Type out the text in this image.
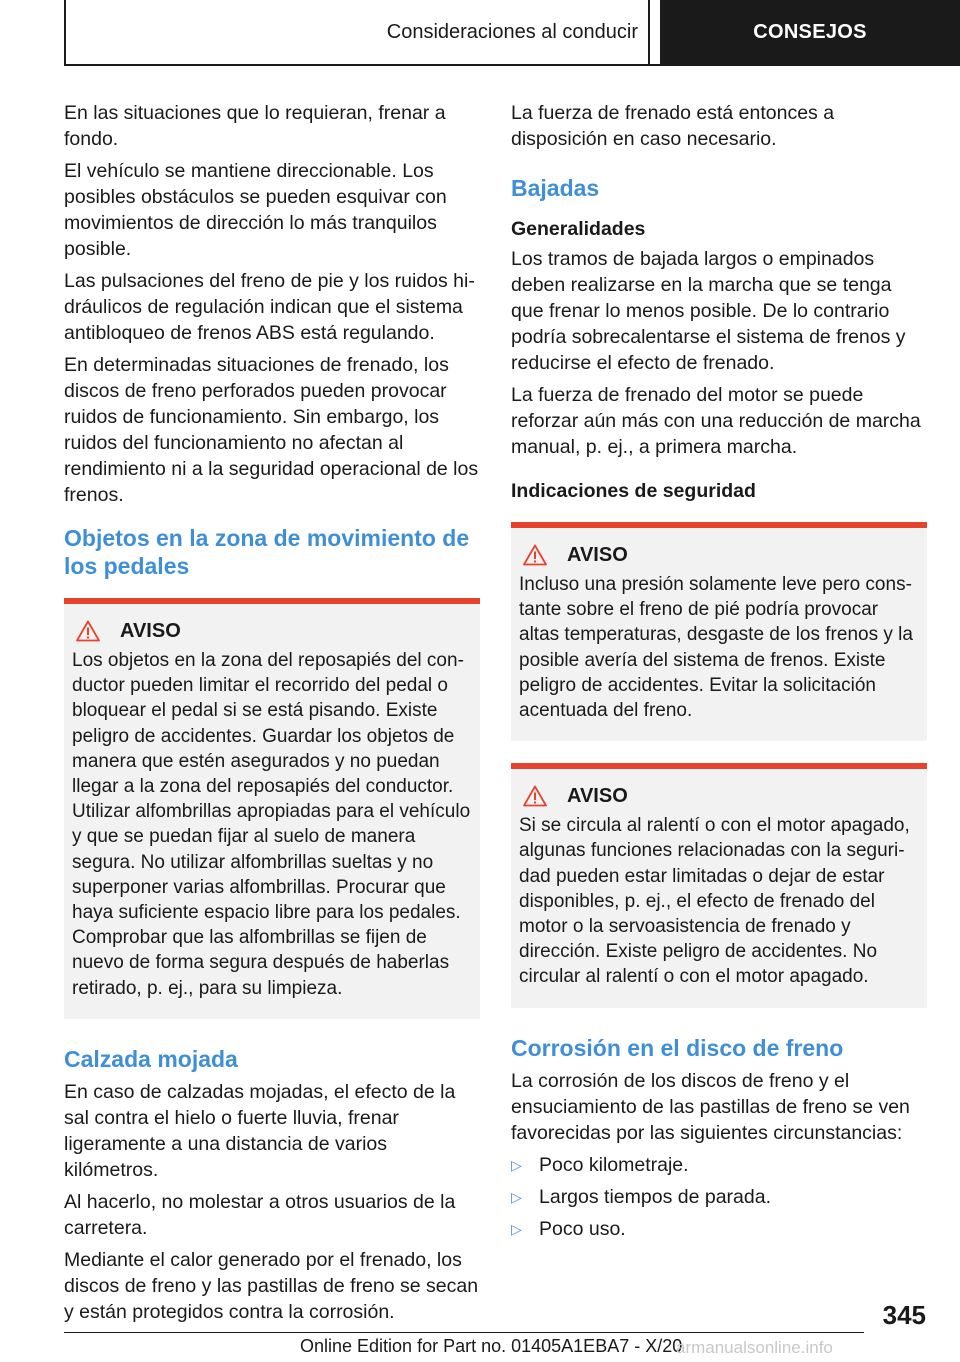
Consideraciones al conducir	CONSEJOS

En las situaciones que lo requieran, frenar a fondo.

El vehículo se mantiene direccionable. Los posibles obstáculos se pueden esquivar con movimientos de dirección lo más tranquilos posible.

Las pulsaciones del freno de pie y los ruidos hidráulicos de regulación indican que el sistema antibloqueo de frenos ABS está regulando.

En determinadas situaciones de frenado, los discos de freno perforados pueden provocar ruidos de funcionamiento. Sin embargo, los ruidos del funcionamiento no afectan al rendimiento ni a la seguridad operacional de los frenos.

Objetos en la zona de movimiento de los pedales
AVISO

Los objetos en la zona del reposapiés del conductor pueden limitar el recorrido del pedal o bloquear el pedal si se está pisando. Existe peligro de accidentes. Guardar los objetos de manera que estén asegurados y no puedan llegar a la zona del reposapiés del conductor. Utilizar alfombrillas apropiadas para el vehículo y que se puedan fijar al suelo de manera segura. No utilizar alfombrillas sueltas y no superponer varias alfombrillas. Procurar que haya suficiente espacio libre para los pedales. Comprobar que las alfombrillas se fijen de nuevo de forma segura después de haberlas retirado, p. ej., para su limpieza.

Calzada mojada

En caso de calzadas mojadas, el efecto de la sal contra el hielo o fuerte lluvia, frenar ligeramente a una distancia de varios kilómetros.

Al hacerlo, no molestar a otros usuarios de la carretera.

Mediante el calor generado por el frenado, los discos de freno y las pastillas de freno se secan y están protegidos contra la corrosión.

La fuerza de frenado está entonces a disposición en caso necesario.

Bajadas
Generalidades

Los tramos de bajada largos o empinados deben realizarse en la marcha que se tenga que frenar lo menos posible. De lo contrario podría sobrecalentarse el sistema de frenos y reducirse el efecto de frenado.

La fuerza de frenado del motor se puede reforzar aún más con una reducción de marcha manual, p. ej., a primera marcha.

Indicaciones de seguridad
AVISO

Incluso una presión solamente leve pero constante sobre el freno de pié podría provocar altas temperaturas, desgaste de los frenos y la posible avería del sistema de frenos. Existe peligro de accidentes. Evitar la solicitación acentuada del freno.

AVISO

Si se circula al ralentí o con el motor apagado, algunas funciones relacionadas con la seguridad pueden estar limitadas o dejar de estar disponibles, p. ej., el efecto de frenado del motor o la servoasistencia de frenado y dirección. Existe peligro de accidentes. No circular al ralentí o con el motor apagado.

Corrosión en el disco de freno

La corrosión de los discos de freno y el ensuciamiento de las pastillas de freno se ven favorecidas por las siguientes circunstancias:

▷ Poco kilometraje.
▷ Largos tiempos de parada.
▷ Poco uso.
345
Online Edition for Part no. 01405A1EBA7 - X/20
armanualsonline.info
